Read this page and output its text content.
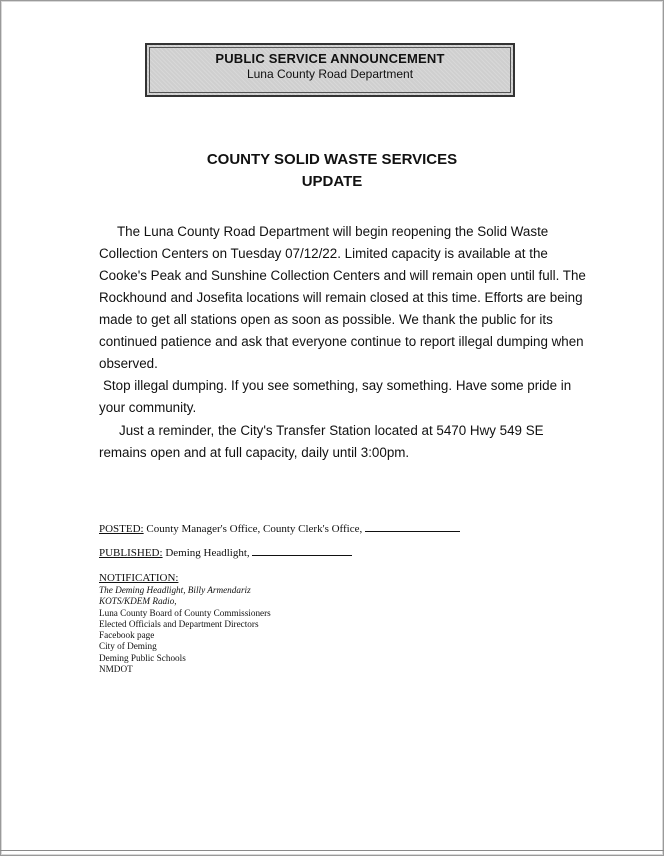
PUBLIC SERVICE ANNOUNCEMENT
Luna County Road Department
COUNTY SOLID WASTE SERVICES
UPDATE
The Luna County Road Department will begin reopening the Solid Waste Collection Centers on Tuesday 07/12/22. Limited capacity is available at the Cooke's Peak and Sunshine Collection Centers and will remain open until full. The Rockhound and Josefita locations will remain closed at this time. Efforts are being made to get all stations open as soon as possible. We thank the public for its continued patience and ask that everyone continue to report illegal dumping when observed.
Stop illegal dumping. If you see something, say something. Have some pride in your community.
Just a reminder, the City's Transfer Station located at 5470 Hwy 549 SE remains open and at full capacity, daily until 3:00pm.
POSTED: County Manager's Office, County Clerk's Office,
PUBLISHED: Deming Headlight,
NOTIFICATION:
The Deming Headlight, Billy Armendariz
KOTS/KDEM Radio,
Luna County Board of County Commissioners
Elected Officials and Department Directors
Facebook page
City of Deming
Deming Public Schools
NMDOT
